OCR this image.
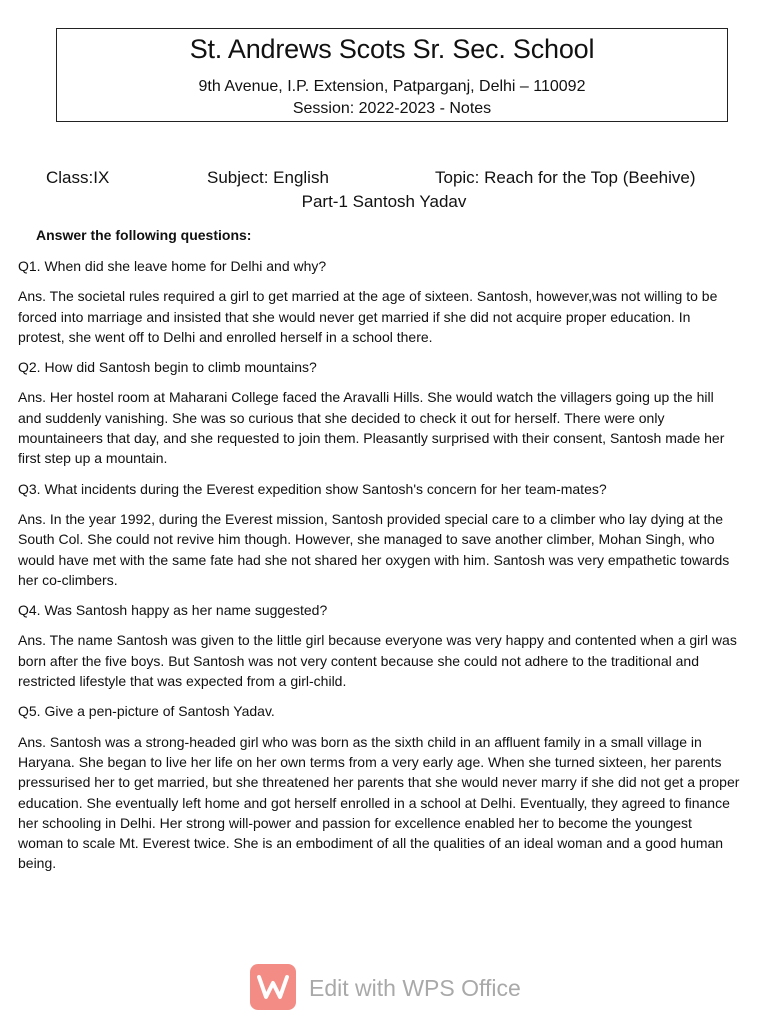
St. Andrews Scots Sr. Sec. School
9th Avenue, I.P. Extension, Patparganj, Delhi – 110092
Session: 2022-2023 - Notes
Class:IX	Subject: English	Topic: Reach for the Top (Beehive)
Part-1 Santosh Yadav
Answer the following questions:

Q1. When did she leave home for Delhi and why?

Ans. The societal rules required a girl to get married at the age of sixteen. Santosh, however,was not willing to be forced into marriage and insisted that she would never get married if she did not acquire proper education. In protest, she went off to Delhi and enrolled herself in a school there.

Q2. How did Santosh begin to climb mountains?

Ans. Her hostel room at Maharani College faced the Aravalli Hills. She would watch the villagers going up the hill and suddenly vanishing. She was so curious that she decided to check it out for herself. There were only mountaineers that day, and she requested to join them. Pleasantly surprised with their consent, Santosh made her first step up a mountain.

Q3. What incidents during the Everest expedition show Santosh's concern for her team-mates?

Ans. In the year 1992, during the Everest mission, Santosh provided special care to a climber who lay dying at the South Col. She could not revive him though. However, she managed to save another climber, Mohan Singh, who would have met with the same fate had she not shared her oxygen with him. Santosh was very empathetic towards her co-climbers.

Q4. Was Santosh happy as her name suggested?

Ans. The name Santosh was given to the little girl because everyone was very happy and contented when a girl was born after the five boys. But Santosh was not very content because she could not adhere to the traditional and restricted lifestyle that was expected from a girl-child.

Q5. Give a pen-picture of Santosh Yadav.

Ans. Santosh was a strong-headed girl who was born as the sixth child in an affluent family in a small village in Haryana. She began to live her life on her own terms from a very early age. When she turned sixteen, her parents pressurised her to get married, but she threatened her parents that she would never marry if she did not get a proper education. She eventually left home and got herself enrolled in a school at Delhi. Eventually, they agreed to finance her schooling in Delhi. Her strong will-power and passion for excellence enabled her to become the youngest woman to scale Mt. Everest twice. She is an embodiment of all the qualities of an ideal woman and a good human being.

Edit with WPS Office
